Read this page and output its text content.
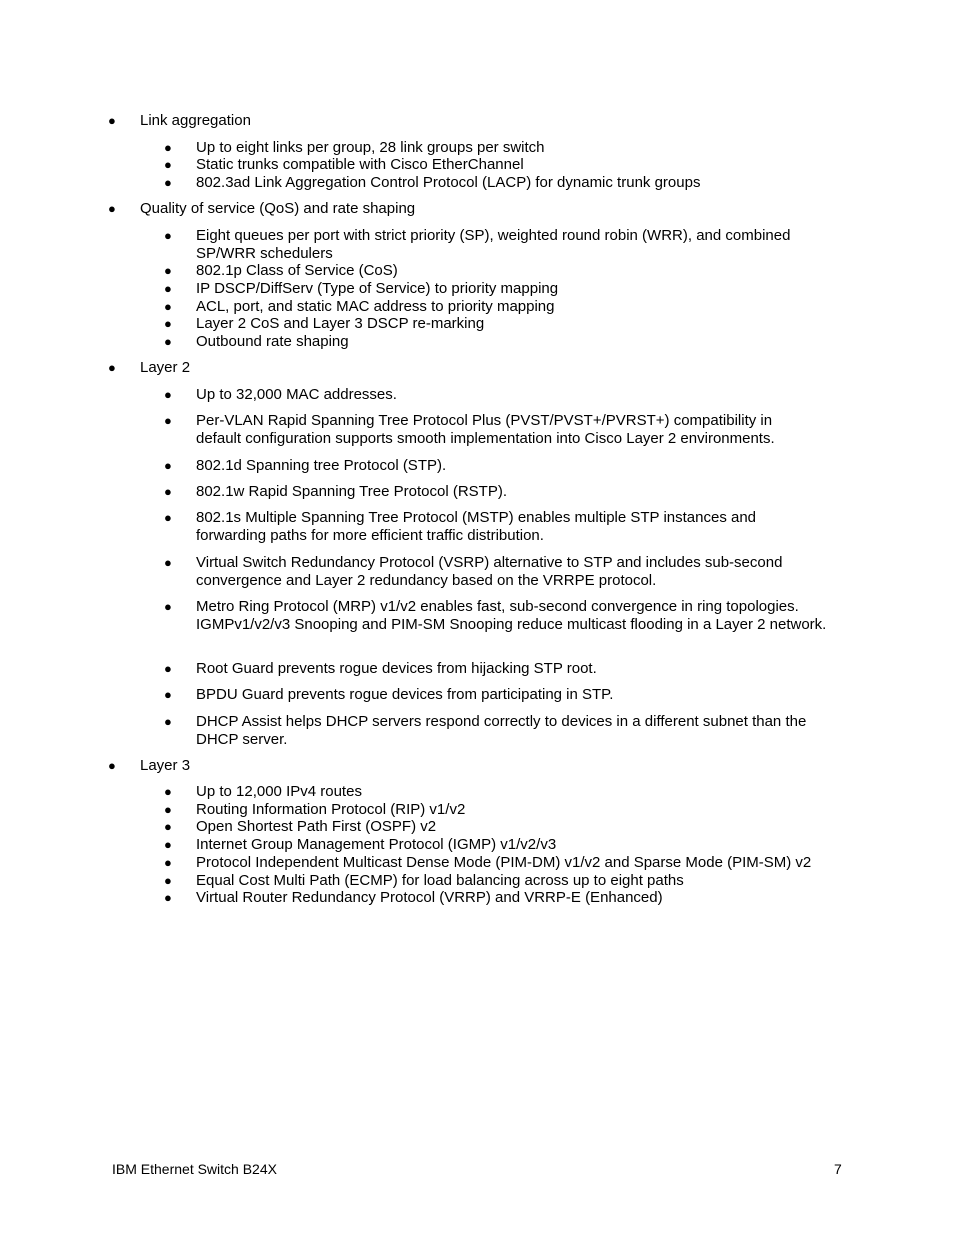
● Link aggregation
● Up to eight links per group, 28 link groups per switch
● Static trunks compatible with Cisco EtherChannel
● 802.3ad Link Aggregation Control Protocol (LACP) for dynamic trunk groups
● Quality of service (QoS) and rate shaping
● Eight queues per port with strict priority (SP), weighted round robin (WRR), and combined SP/WRR schedulers
● 802.1p Class of Service (CoS)
● IP DSCP/DiffServ (Type of Service) to priority mapping
● ACL, port, and static MAC address to priority mapping
● Layer 2 CoS and Layer 3 DSCP re-marking
● Outbound rate shaping
● Layer 2
● Up to 32,000 MAC addresses.
● Per-VLAN Rapid Spanning Tree Protocol Plus (PVST/PVST+/PVRST+) compatibility in default configuration supports smooth implementation into Cisco Layer 2 environments.
● 802.1d Spanning tree Protocol (STP).
● 802.1w Rapid Spanning Tree Protocol (RSTP).
● 802.1s Multiple Spanning Tree Protocol (MSTP) enables multiple STP instances and forwarding paths for more efficient traffic distribution.
● Virtual Switch Redundancy Protocol (VSRP) alternative to STP and includes sub-second convergence and Layer 2 redundancy based on the VRRPE protocol.
● Metro Ring Protocol (MRP) v1/v2 enables fast, sub-second convergence in ring topologies. IGMPv1/v2/v3 Snooping and PIM-SM Snooping reduce multicast flooding in a Layer 2 network.
● Root Guard prevents rogue devices from hijacking STP root.
● BPDU Guard prevents rogue devices from participating in STP.
● DHCP Assist helps DHCP servers respond correctly to devices in a different subnet than the DHCP server.
● Layer 3
● Up to 12,000 IPv4 routes
● Routing Information Protocol (RIP) v1/v2
● Open Shortest Path First (OSPF) v2
● Internet Group Management Protocol (IGMP) v1/v2/v3
● Protocol Independent Multicast Dense Mode (PIM-DM) v1/v2 and Sparse Mode (PIM-SM) v2
● Equal Cost Multi Path (ECMP) for load balancing across up to eight paths
● Virtual Router Redundancy Protocol (VRRP) and VRRP-E (Enhanced)
IBM Ethernet Switch B24X	7
